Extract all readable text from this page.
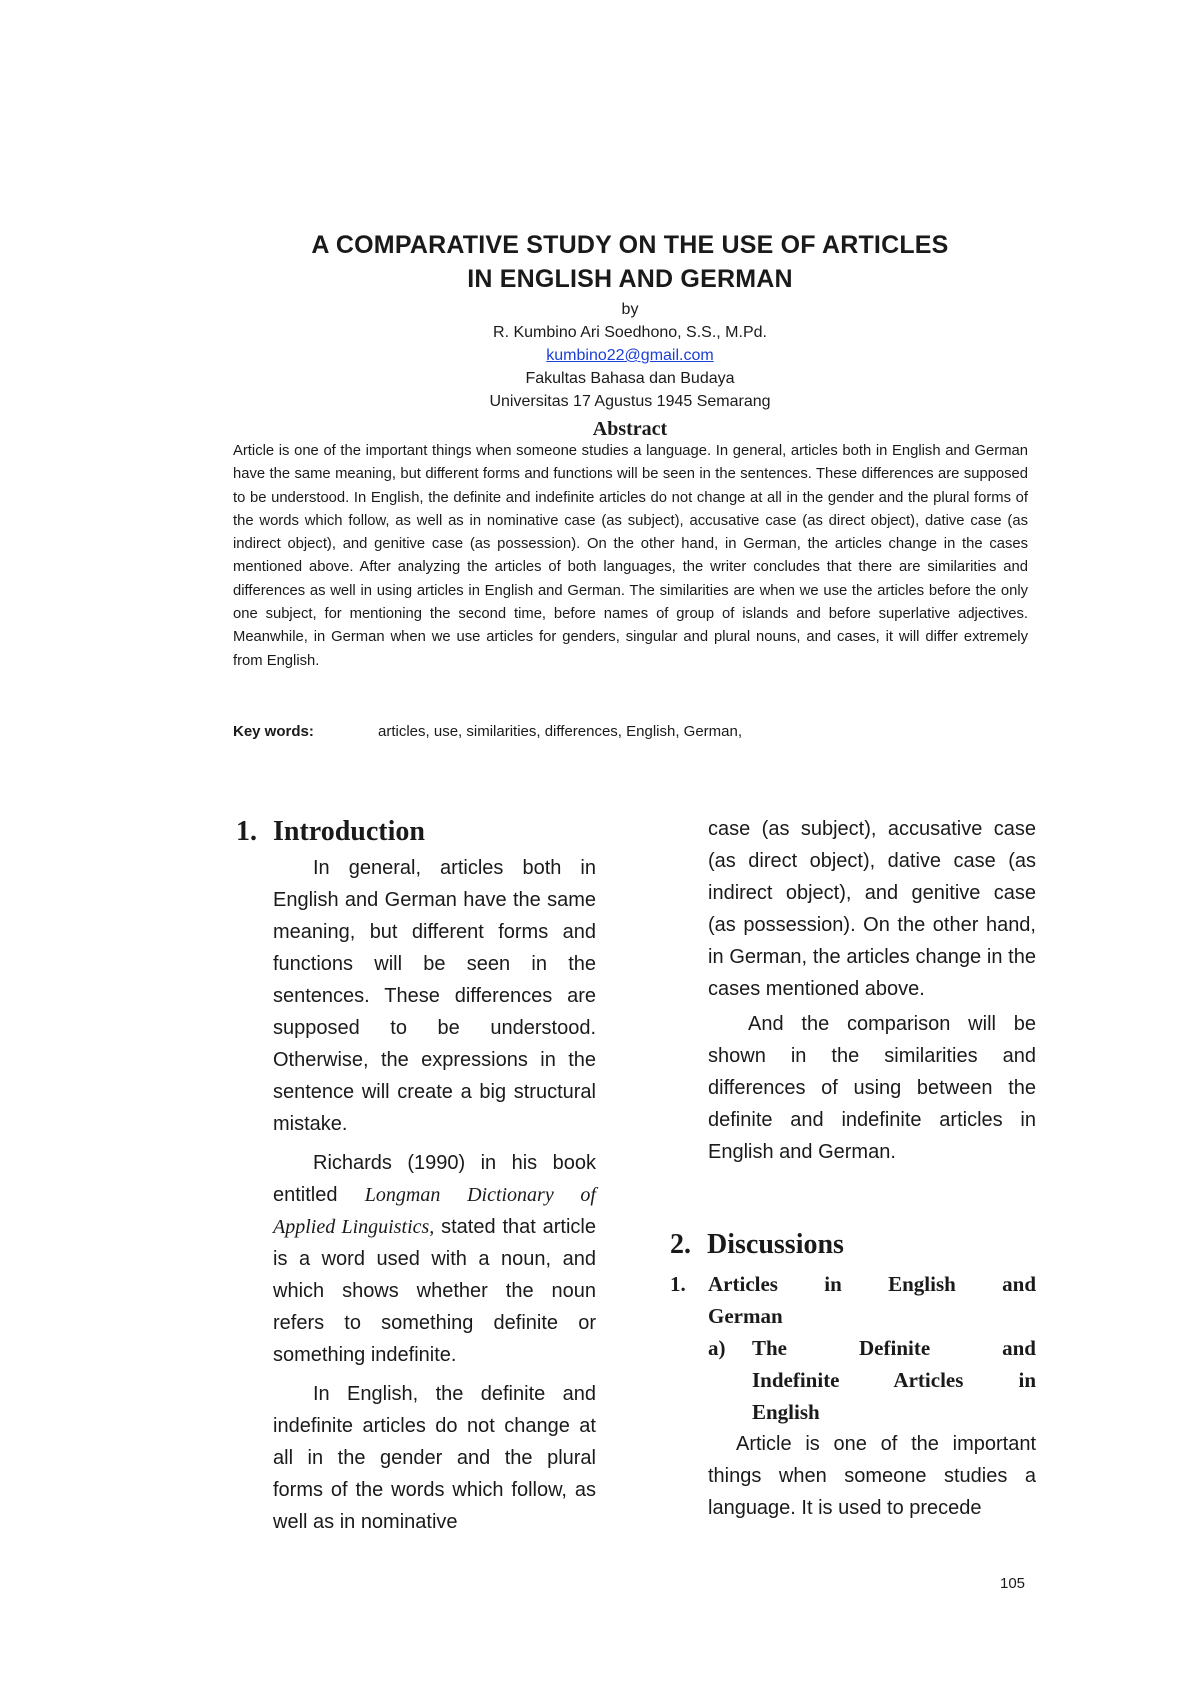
A COMPARATIVE STUDY ON THE USE OF ARTICLES

IN ENGLISH AND GERMAN

by

R. Kumbino Ari Soedhono, S.S., M.Pd.

kumbino22@gmail.com

Fakultas Bahasa dan Budaya

Universitas 17 Agustus 1945 Semarang

Abstract

Article is one of the important things when someone studies a language. In general, articles both in English and German have the same meaning, but different forms and functions will be seen in the sentences. These differences are supposed to be understood. In English, the definite and indefinite articles do not change at all in the gender and the plural forms of the words which follow, as well as in nominative case (as subject), accusative case (as direct object), dative case (as indirect object), and genitive case (as possession). On the other hand, in German, the articles change in the cases mentioned above. After analyzing the articles of both languages, the writer concludes that there are similarities and differences as well in using articles in English and German. The similarities are when we use the articles before the only one subject, for mentioning the second time, before names of group of islands and before superlative adjectives. Meanwhile, in German when we use articles for genders, singular and plural nouns, and cases, it will differ extremely from English.

Key words:	articles, use, similarities, differences, English, German,
1. Introduction

In general, articles both in English and German have the same meaning, but different forms and functions will be seen in the sentences. These differences are supposed to be understood. Otherwise, the expressions in the sentence will create a big structural mistake.

Richards (1990) in his book entitled Longman Dictionary of Applied Linguistics, stated that article is a word used with a noun, and which shows whether the noun refers to something definite or something indefinite.

In English, the definite and indefinite articles do not change at all in the gender and the plural forms of the words which follow, as well as in nominative

case (as subject), accusative case (as direct object), dative case (as indirect object), and genitive case (as possession). On the other hand, in German, the articles change in the cases mentioned above.

And the comparison will be shown in the similarities and differences of using between the definite and indefinite articles in English and German.

2. Discussions
1. Articles in English and
German
a) The Definite and
Indefinite Articles in
English

Article is one of the important things when someone studies a language. It is used to precede

105
